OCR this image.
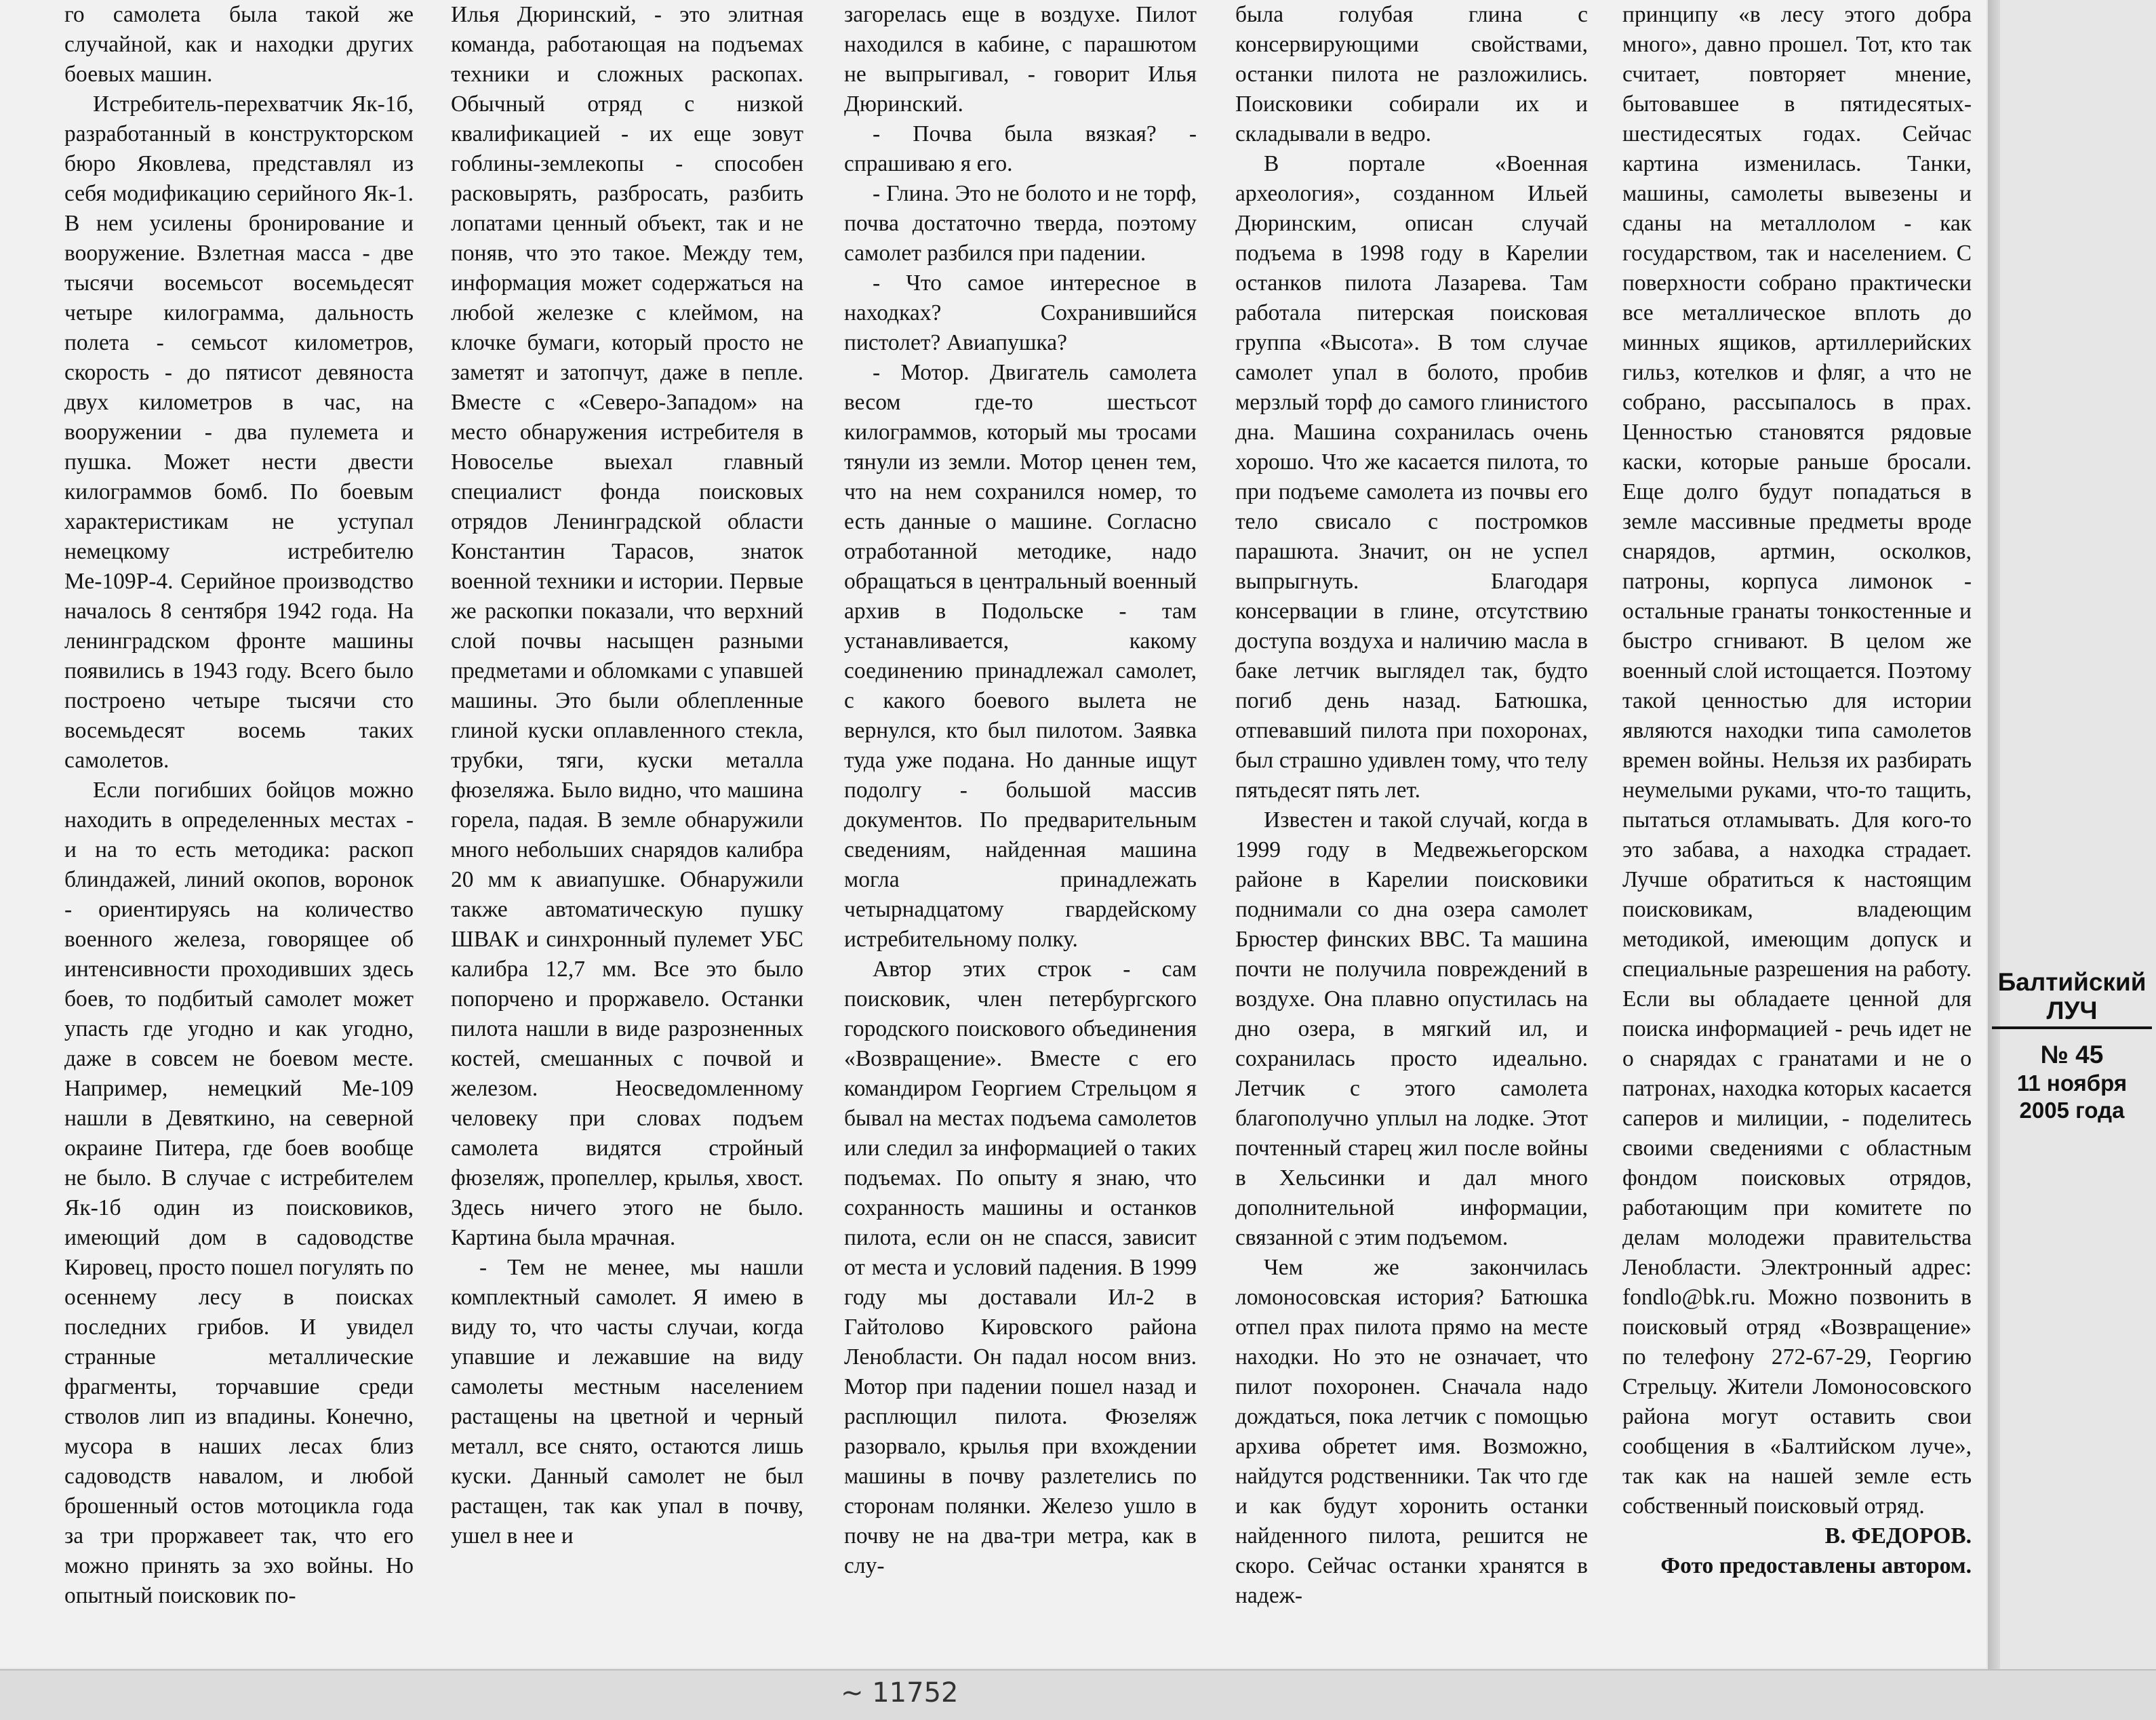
го самолета была такой же случайной, как и находки других боевых машин.

Истребитель-перехватчик Як-1б, разработанный в конструкторском бюро Яковлева, представлял из себя модификацию серийного Як-1. В нем усилены бронирование и вооружение. Взлетная масса - две тысячи восемьсот восемьдесят четыре килограмма, дальность полета - семьсот километров, скорость - до пятисот девяноста двух километров в час, на вооружении - два пулемета и пушка. Может нести двести килограммов бомб. По боевым характеристикам не уступал немецкому истребителю Ме-109Р-4. Серийное производство началось 8 сентября 1942 года. На ленинградском фронте машины появились в 1943 году. Всего было построено четыре тысячи сто восемьдесят восемь таких самолетов.

Если погибших бойцов можно находить в определенных местах - и на то есть методика: раскоп блиндажей, линий окопов, воронок - ориентируясь на количество военного железа, говорящее об интенсивности проходивших здесь боев, то подбитый самолет может упасть где угодно и как угодно, даже в совсем не боевом месте. Например, немецкий Ме-109 нашли в Девяткино, на северной окраине Питера, где боев вообще не было. В случае с истребителем Як-1б один из поисковиков, имеющий дом в садоводстве Кировец, просто пошел погулять по осеннему лесу в поисках последних грибов. И увидел странные металлические фрагменты, торчавшие среди стволов лип из впадины. Конечно, мусора в наших лесах близ садоводств навалом, и любой брошенный остов мотоцикла года за три проржавеет так, что его можно принять за эхо войны. Но опытный поисковик по-

Илья Дюринский, - это элитная команда, работающая на подъемах техники и сложных раскопах. Обычный отряд с низкой квалификацией - их еще зовут гоблины-землекопы - способен расковырять, разбросать, разбить лопатами ценный объект, так и не поняв, что это такое. Между тем, информация может содержаться на любой железке с клеймом, на клочке бумаги, который просто не заметят и затопчут, даже в пепле. Вместе с «Северо-Западом» на место обнаружения истребителя в Новоселье выехал главный специалист фонда поисковых отрядов Ленинградской области Константин Тарасов, знаток военной техники и истории. Первые же раскопки показали, что верхний слой почвы насыщен разными предметами и обломками с упавшей машины. Это были облепленные глиной куски оплавленного стекла, трубки, тяги, куски металла фюзеляжа. Было видно, что машина горела, падая. В земле обнаружили много небольших снарядов калибра 20 мм к авиапушке. Обнаружили также автоматическую пушку ШВАК и синхронный пулемет УБС калибра 12,7 мм. Все это было попорчено и проржавело. Останки пилота нашли в виде разрозненных костей, смешанных с почвой и железом. Неосведомленному человеку при словах подъем самолета видятся стройный фюзеляж, пропеллер, крылья, хвост. Здесь ничего этого не было. Картина была мрачная.

- Тем не менее, мы нашли комплектный самолет. Я имею в виду то, что часты случаи, когда упавшие и лежавшие на виду самолеты местным населением растащены на цветной и черный металл, все снято, остаются лишь куски. Данный самолет не был растащен, так как упал в почву, ушел в нее и

загорелась еще в воздухе. Пилот находился в кабине, с парашютом не выпрыгивал, - говорит Илья Дюринский.

- Почва была вязкая? - спрашиваю я его.

- Глина. Это не болото и не торф, почва достаточно тверда, поэтому самолет разбился при падении.

- Что самое интересное в находках? Сохранившийся пистолет? Авиапушка?

- Мотор. Двигатель самолета весом где-то шестьсот килограммов, который мы тросами тянули из земли. Мотор ценен тем, что на нем сохранился номер, то есть данные о машине. Согласно отработанной методике, надо обращаться в центральный военный архив в Подольске - там устанавливается, какому соединению принадлежал самолет, с какого боевого вылета не вернулся, кто был пилотом. Заявка туда уже подана. Но данные ищут подолгу - большой массив документов. По предварительным сведениям, найденная машина могла принадлежать четырнадцатому гвардейскому истребительному полку.

Автор этих строк - сам поисковик, член петербургского городского поискового объединения «Возвращение». Вместе с его командиром Георгием Стрельцом я бывал на местах подъема самолетов или следил за информацией о таких подъемах. По опыту я знаю, что сохранность машины и останков пилота, если он не спасся, зависит от места и условий падения. В 1999 году мы доставали Ил-2 в Гайтолово Кировского района Ленобласти. Он падал носом вниз. Мотор при падении пошел назад и расплющил пилота. Фюзеляж разорвало, крылья при вхождении машины в почву разлетелись по сторонам полянки. Железо ушло в почву не на два-три метра, как в слу-

была голубая глина с консервирующими свойствами, останки пилота не разложились. Поисковики собирали их и складывали в ведро.

В портале «Военная археология», созданном Ильей Дюринским, описан случай подъема в 1998 году в Карелии останков пилота Лазарева. Там работала питерская поисковая группа «Высота». В том случае самолет упал в болото, пробив мерзлый торф до самого глинистого дна. Машина сохранилась очень хорошо. Что же касается пилота, то при подъеме самолета из почвы его тело свисало с постромков парашюта. Значит, он не успел выпрыгнуть. Благодаря консервации в глине, отсутствию доступа воздуха и наличию масла в баке летчик выглядел так, будто погиб день назад. Батюшка, отпевавший пилота при похоронах, был страшно удивлен тому, что телу пятьдесят пять лет.

Известен и такой случай, когда в 1999 году в Медвежьегорском районе в Карелии поисковики поднимали со дна озера самолет Брюстер финских ВВС. Та машина почти не получила повреждений в воздухе. Она плавно опустилась на дно озера, в мягкий ил, и сохранилась просто идеально. Летчик с этого самолета благополучно уплыл на лодке. Этот почтенный старец жил после войны в Хельсинки и дал много дополнительной информации, связанной с этим подъемом.

Чем же закончилась ломоносовская история? Батюшка отпел прах пилота прямо на месте находки. Но это не означает, что пилот похоронен. Сначала надо дождаться, пока летчик с помощью архива обретет имя. Возможно, найдутся родственники. Так что где и как будут хоронить останки найденного пилота, решится не скоро. Сейчас останки хранятся в надеж-

принципу «в лесу этого добра много», давно прошел. Тот, кто так считает, повторяет мнение, бытовавшее в пятидесятых-шестидесятых годах. Сейчас картина изменилась. Танки, машины, самолеты вывезены и сданы на металлолом - как государством, так и населением. С поверхности собрано практически все металлическое вплоть до минных ящиков, артиллерийских гильз, котелков и фляг, а что не собрано, рассыпалось в прах. Ценностью становятся рядовые каски, которые раньше бросали. Еще долго будут попадаться в земле массивные предметы вроде снарядов, артмин, осколков, патроны, корпуса лимонок - остальные гранаты тонкостенные и быстро сгнивают. В целом же военный слой истощается. Поэтому такой ценностью для истории являются находки типа самолетов времен войны. Нельзя их разбирать неумелыми руками, что-то тащить, пытаться отламывать. Для кого-то это забава, а находка страдает. Лучше обратиться к настоящим поисковикам, владеющим методикой, имеющим допуск и специальные разрешения на работу. Если вы обладаете ценной для поиска информацией - речь идет не о снарядах с гранатами и не о патронах, находка которых касается саперов и милиции, - поделитесь своими сведениями с областным фондом поисковых отрядов, работающим при комитете по делам молодежи правительства Ленобласти. Электронный адрес: fondlo@bk.ru. Можно позвонить в поисковый отряд «Возвращение» по телефону 272-67-29, Георгию Стрельцу. Жители Ломоносовского района могут оставить свои сообщения в «Балтийском луче», так как на нашей земле есть собственный поисковый отряд.

В. ФЕДОРОВ.

Фото предоставлены автором.

Балтийский ЛУЧ
№ 45
11 ноября 2005 года
~ 11752
